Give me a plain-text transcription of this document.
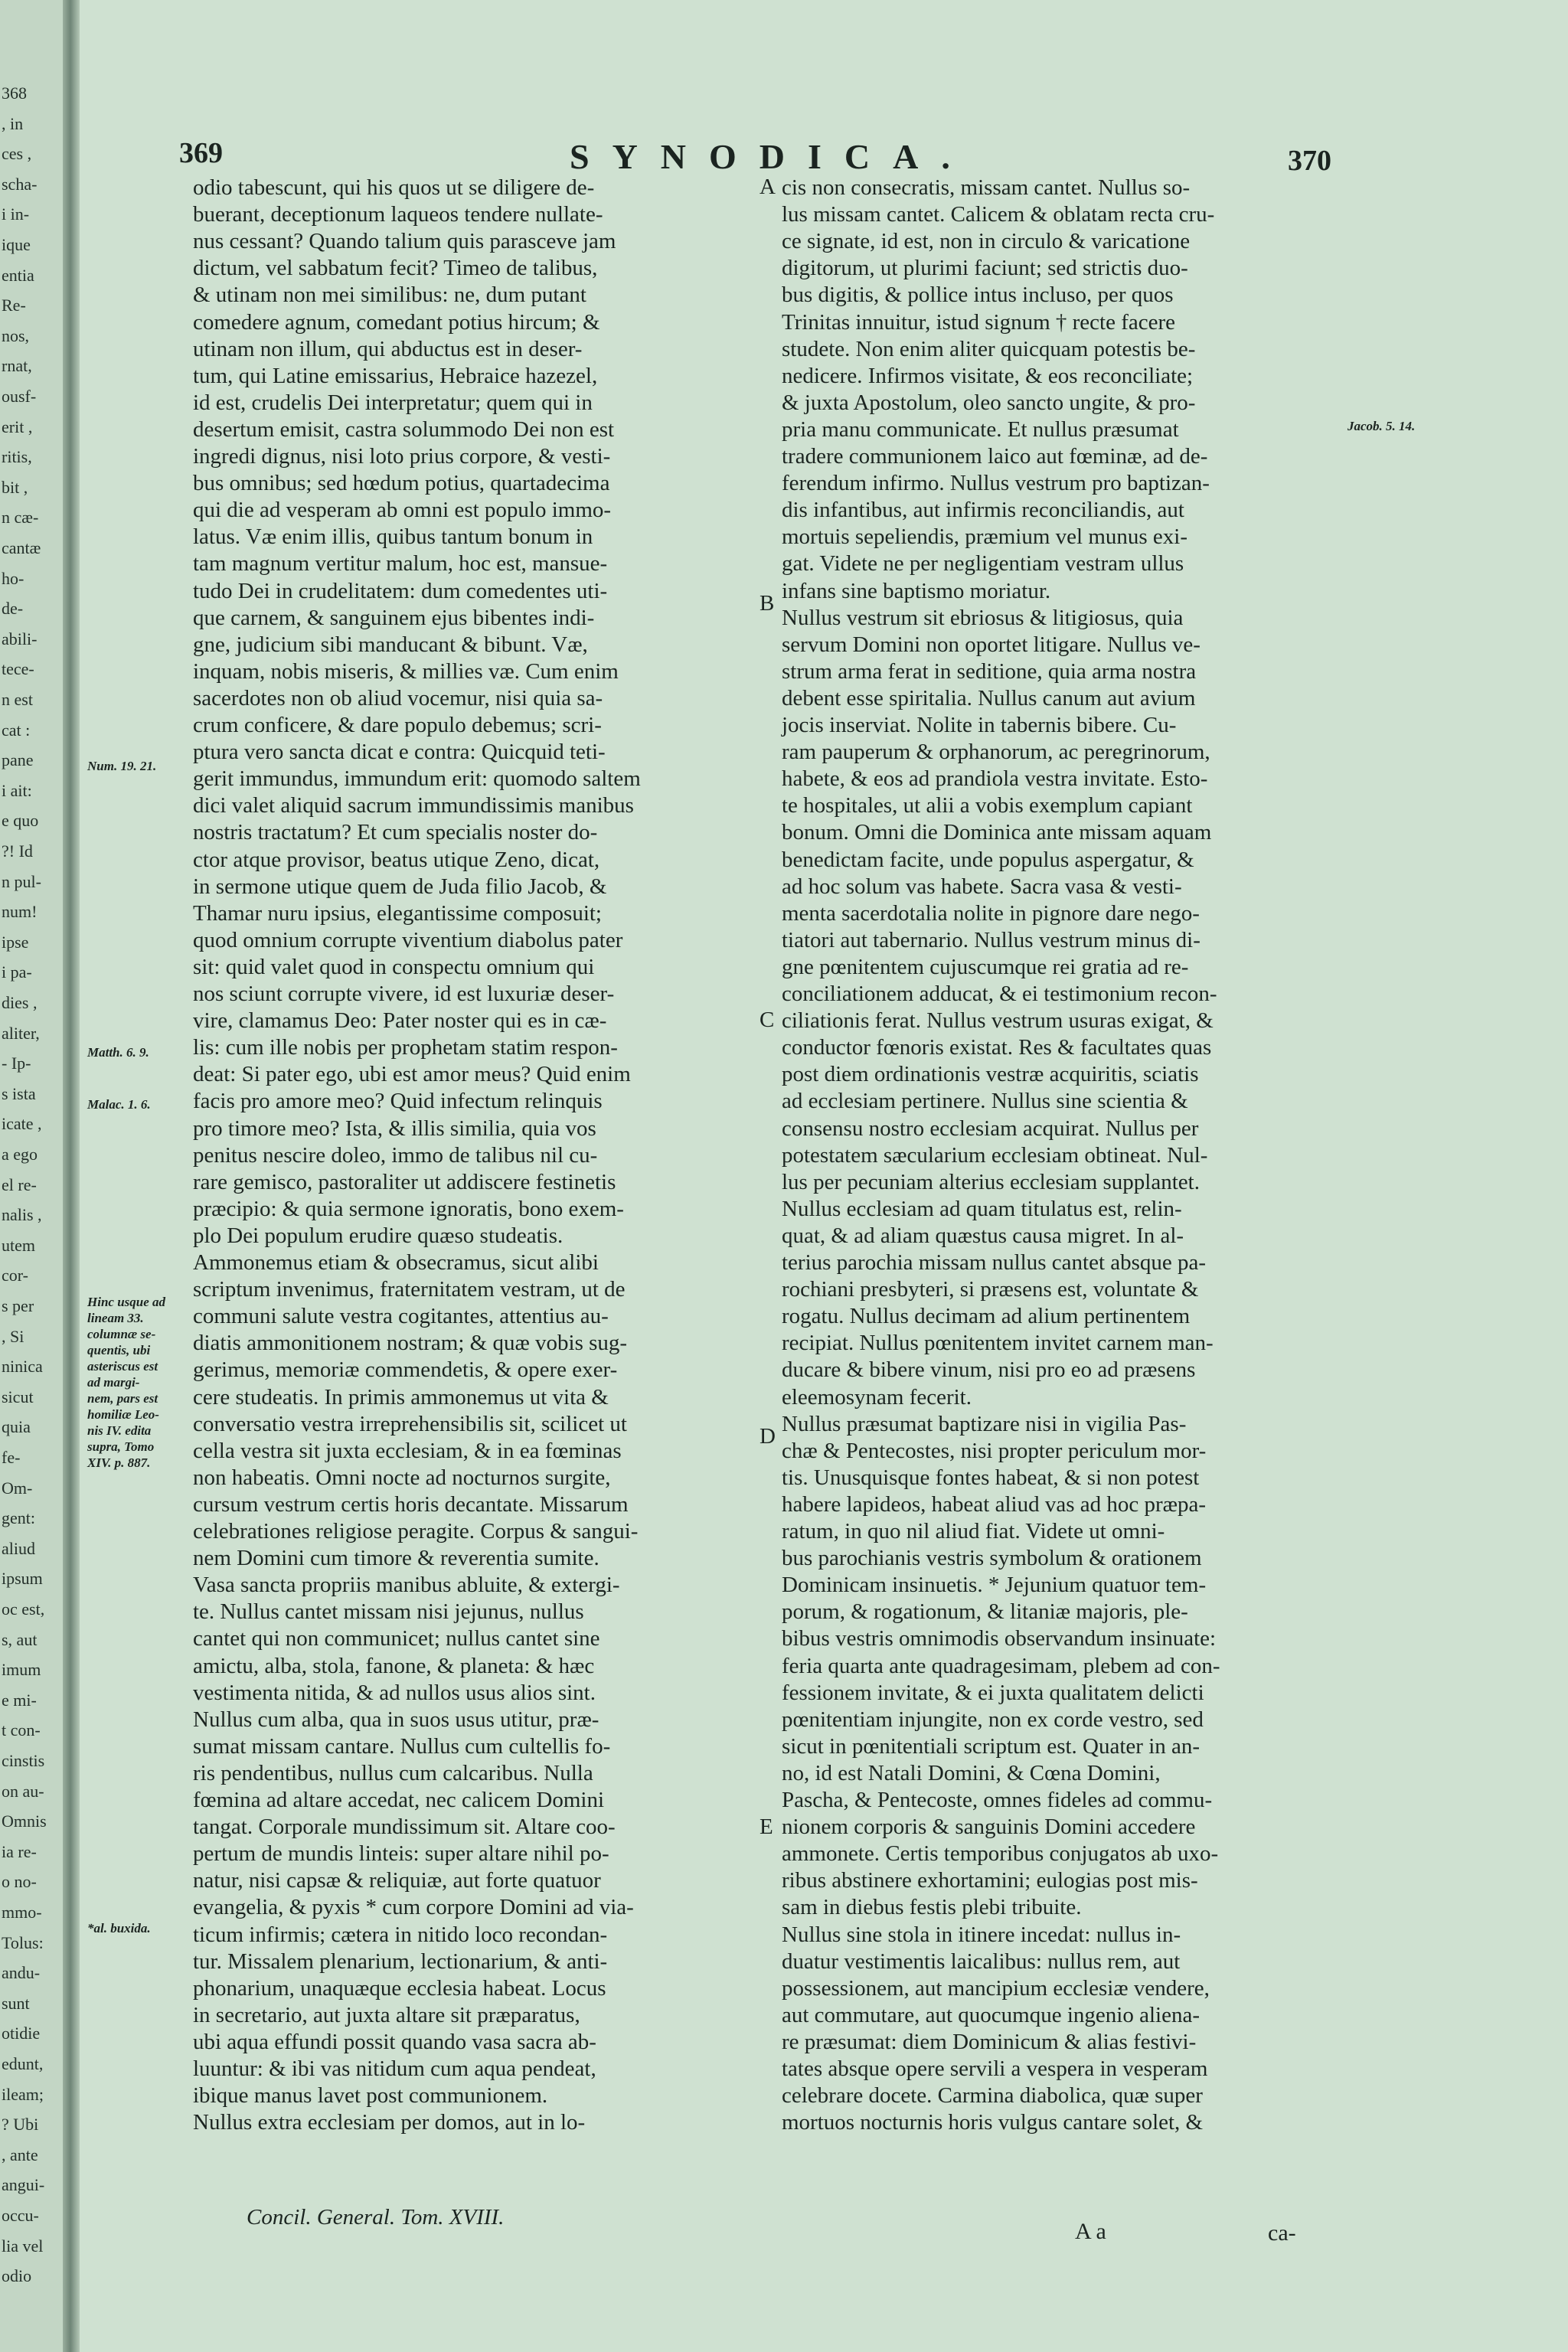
368
, in
ces ,
scha-
i in-
ique
entia
Re-
nos,
rnat,
ousf-
erit ,
ritis,
bit ,
n cæ-
cantæ
ho-
de-
abili-
tece-
n est
cat :
pane
i ait:
e quo
?! Id
n pul-
num!
ipse
i pa-
dies ,
aliter,
- Ip-
s ista
icate ,
a ego
el re-
nalis ,
utem
cor-
s per
, Si
ninica
sicut
quia
fe-
Om-
gent:
aliud
ipsum
oc est,
s, aut
imum
e mi-
t con-
cinstis
on au-
Omnis
ia re-
o no-
mmo-
Tolus:
andu-
sunt
otidie
edunt,
ileam;
? Ubi
, ante
angui-
occu-
lia vel
odio
369	SYNODICA.	370
odio tabescunt, qui his quos ut se diligere de-
buerant, deceptionum laqueos tendere nullate-
nus cessant? Quando talium quis parasceve jam
dictum, vel sabbatum fecit? Timeo de talibus,
& utinam non mei similibus: ne, dum putant
comedere agnum, comedant potius hircum; &
utinam non illum, qui abductus est in deser-
tum, qui Latine emissarius, Hebraice hazezel,
id est, crudelis Dei interpretatur; quem qui in
desertum emisit, castra solummodo Dei non est
ingredi dignus, nisi loto prius corpore, & vesti-
bus omnibus; sed hœdum potius, quartadecima
qui die ad vesperam ab omni est populo immo-
latus. Væ enim illis, quibus tantum bonum in
tam magnum vertitur malum, hoc est, mansue-
tudo Dei in crudelitatem: dum comedentes uti-
que carnem, & sanguinem ejus bibentes indi-
gne, judicium sibi manducant & bibunt. Væ,
inquam, nobis miseris, & millies væ. Cum enim
sacerdotes non ob aliud vocemur, nisi quia sa-
crum conficere, & dare populo debemus; scri-
ptura vero sancta dicat e contra: Quicquid teti-
gerit immundus, immundum erit: quomodo saltem
dici valet aliquid sacrum immundissimis manibus
nostris tractatum? Et cum specialis noster do-
ctor atque provisor, beatus utique Zeno, dicat,
in sermone utique quem de Juda filio Jacob, &
Thamar nuru ipsius, elegantissime composuit;
quod omnium corrupte viventium diabolus pater
sit: quid valet quod in conspectu omnium qui
nos sciunt corrupte vivere, id est luxuriæ deser-
vire, clamamus Deo: Pater noster qui es in cæ-
lis: cum ille nobis per prophetam statim respon-
deat: Si pater ego, ubi est amor meus? Quid enim
facis pro amore meo? Quid infectum relinquis
pro timore meo? Ista, & illis similia, quia vos
penitus nescire doleo, immo de talibus nil cu-
rare gemisco, pastoraliter ut addiscere festinetis
præcipio: & quia sermone ignoratis, bono exem-
plo Dei populum erudire quæso studeatis.
Ammonemus etiam & obsecramus, sicut alibi
scriptum invenimus, fraternitatem vestram, ut de
communi salute vestra cogitantes, attentius au-
diatis ammonitionem nostram; & quæ vobis sug-
gerimus, memoriæ commendetis, & opere exer-
cere studeatis. In primis ammonemus ut vita &
conversatio vestra irreprehensibilis sit, scilicet ut
cella vestra sit juxta ecclesiam, & in ea fœminas
non habeatis. Omni nocte ad nocturnos surgite,
cursum vestrum certis horis decantate. Missarum
celebrationes religiose peragite. Corpus & sangui-
nem Domini cum timore & reverentia sumite.
Vasa sancta propriis manibus abluite, & extergi-
te. Nullus cantet missam nisi jejunus, nullus
cantet qui non communicet; nullus cantet sine
amictu, alba, stola, fanone, & planeta: & hæc
vestimenta nitida, & ad nullos usus alios sint.
Nullus cum alba, qua in suos usus utitur, præ-
sumat missam cantare. Nullus cum cultellis fo-
ris pendentibus, nullus cum calcaribus. Nulla
fœmina ad altare accedat, nec calicem Domini
tangat. Corporale mundissimum sit. Altare coo-
pertum de mundis linteis: super altare nihil po-
natur, nisi capsæ & reliquiæ, aut forte quatuor
evangelia, & pyxis * cum corpore Domini ad via-
ticum infirmis; cætera in nitido loco recondan-
tur. Missalem plenarium, lectionarium, & anti-
phonarium, unaquæque ecclesia habeat. Locus
in secretario, aut juxta altare sit præparatus,
ubi aqua effundi possit quando vasa sacra ab-
luuntur: & ibi vas nitidum cum aqua pendeat,
ibique manus lavet post communionem.
Nullus extra ecclesiam per domos, aut in lo-
cis non consecratis, missam cantet. Nullus so-
lus missam cantet. Calicem & oblatam recta cru-
ce signate, id est, non in circulo & varicatione
digitorum, ut plurimi faciunt; sed strictis duo-
bus digitis, & pollice intus incluso, per quos
Trinitas innuitur, istud signum † recte facere
studete. Non enim aliter quicquam potestis be-
nedicere. Infirmos visitate, & eos reconciliate;
& juxta Apostolum, oleo sancto ungite, & pro-
pria manu communicate. Et nullus præsumat
tradere communionem laico aut fœminæ, ad de-
ferendum infirmo. Nullus vestrum pro baptizan-
dis infantibus, aut infirmis reconciliandis, aut
mortuis sepeliendis, præmium vel munus exi-
gat. Videte ne per negligentiam vestram ullus
infans sine baptismo moriatur.
Nullus vestrum sit ebriosus & litigiosus, quia
servum Domini non oportet litigare. Nullus ve-
strum arma ferat in seditione, quia arma nostra
debent esse spiritalia. Nullus canum aut avium
jocis inserviat. Nolite in tabernis bibere. Cu-
ram pauperum & orphanorum, ac peregrinorum,
habete, & eos ad prandiola vestra invitate. Esto-
te hospitales, ut alii a vobis exemplum capiant
bonum. Omni die Dominica ante missam aquam
benedictam facite, unde populus aspergatur, &
ad hoc solum vas habete. Sacra vasa & vesti-
menta sacerdotalia nolite in pignore dare nego-
tiatori aut tabernario. Nullus vestrum minus di-
gne pœnitentem cujuscumque rei gratia ad re-
conciliationem adducat, & ei testimonium recon-
ciliationis ferat. Nullus vestrum usuras exigat, &
conductor fœnoris existat. Res & facultates quas
post diem ordinationis vestræ acquiritis, sciatis
ad ecclesiam pertinere. Nullus sine scientia &
consensu nostro ecclesiam acquirat. Nullus per
potestatem sæcularium ecclesiam obtineat. Nul-
lus per pecuniam alterius ecclesiam supplantet.
Nullus ecclesiam ad quam titulatus est, relin-
quat, & ad aliam quæstus causa migret. In al-
terius parochia missam nullus cantet absque pa-
rochiani presbyteri, si præsens est, voluntate &
rogatu. Nullus decimam ad alium pertinentem
recipiat. Nullus pœnitentem invitet carnem man-
ducare & bibere vinum, nisi pro eo ad præsens
eleemosynam fecerit.
Nullus præsumat baptizare nisi in vigilia Pas-
chæ & Pentecostes, nisi propter periculum mor-
tis. Unusquisque fontes habeat, & si non potest
habere lapideos, habeat aliud vas ad hoc præpa-
ratum, in quo nil aliud fiat. Videte ut omni-
bus parochianis vestris symbolum & orationem
Dominicam insinuetis. * Jejunium quatuor tem-
porum, & rogationum, & litaniæ majoris, ple-
bibus vestris omnimodis observandum insinuate:
feria quarta ante quadragesimam, plebem ad con-
fessionem invitate, & ei juxta qualitatem delicti
pœnitentiam injungite, non ex corde vestro, sed
sicut in pœnitentiali scriptum est. Quater in an-
no, id est Natali Domini, & Cœna Domini,
Pascha, & Pentecoste, omnes fideles ad commu-
nionem corporis & sanguinis Domini accedere
ammonete. Certis temporibus conjugatos ab uxo-
ribus abstinere exhortamini; eulogias post mis-
sam in diebus festis plebi tribuite.
Nullus sine stola in itinere incedat: nullus in-
duatur vestimentis laicalibus: nullus rem, aut
possessionem, aut mancipium ecclesiæ vendere,
aut commutare, aut quocumque ingenio aliena-
re præsumat: diem Dominicum & alias festivi-
tates absque opere servili a vespera in vesperam
celebrare docete. Carmina diabolica, quæ super
mortuos nocturnis horis vulgus cantare solet, &
A
B
C
D
E
Num. 19. 21.
Matth. 6. 9.
Malac. 1. 6.
Hinc usque ad
lineam 33.
columnæ se-
quentis, ubi
asteriscus est
ad margi-
nem, pars est
homiliæ Leo-
nis IV. edita
supra, Tomo
XIV. p. 887.
*al. buxida.
Jacob. 5. 14.
Concil. General. Tom. XVIII.
A a	ca-
